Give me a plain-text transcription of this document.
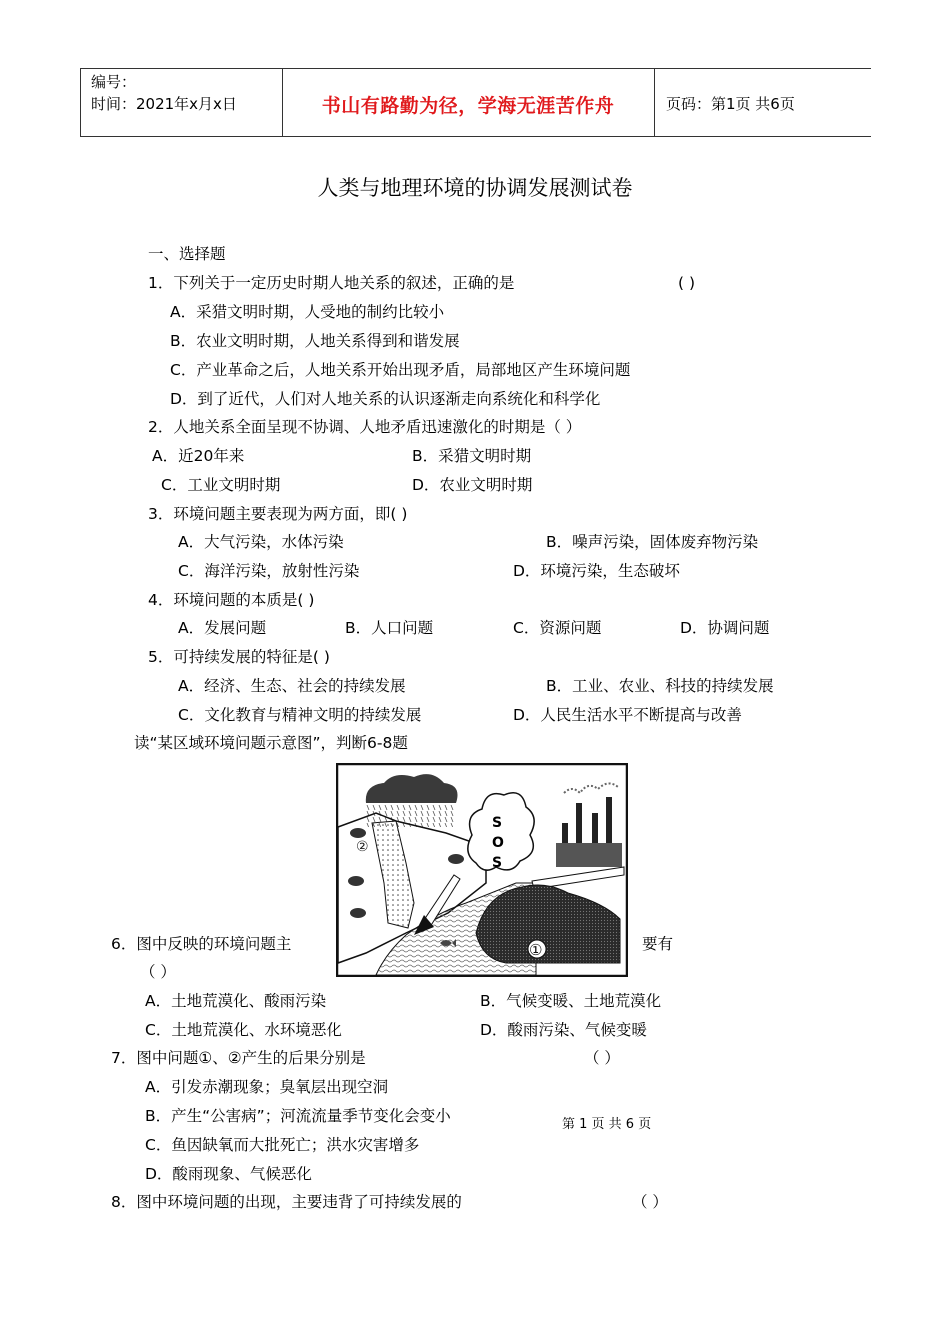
编号：
时间：2021年x月x日	书山有路勤为径，学海无涯苦作舟	页码：第1页 共6页
人类与地理环境的协调发展测试卷
一、选择题
1．下列关于一定历史时期人地关系的叙述，正确的是	( )
A．采猎文明时期，人受地的制约比较小
B．农业文明时期，人地关系得到和谐发展
C．产业革命之后，人地关系开始出现矛盾，局部地区产生环境问题
D．到了近代，人们对人地关系的认识逐渐走向系统化和科学化
2．人地关系全面呈现不协调、人地矛盾迅速激化的时期是（ ）
A．近20年来	B．采猎文明时期
C．工业文明时期	D．农业文明时期
3．环境问题主要表现为两方面，即( )
A．大气污染，水体污染	B．噪声污染，固体废弃物污染
C．海洋污染，放射性污染	D．环境污染，生态破坏
4．环境问题的本质是( )
A．发展问题	B．人口问题	C．资源问题	D．协调问题
5．可持续发展的特征是( )
A．经济、生态、社会的持续发展	B．工业、农业、科技的持续发展
C．文化教育与精神文明的持续发展	D．人民生活水平不断提高与改善
读“某区域环境问题示意图”，判断6-8题
②
S
O
S
①
6．图中反映的环境问题主	要有
（ ）
A．土地荒漠化、酸雨污染	B．气候变暖、土地荒漠化
C．土地荒漠化、水环境恶化	D．酸雨污染、气候变暖
7．图中问题①、②产生的后果分别是	（ ）
A．引发赤潮现象；臭氧层出现空洞
B．产生“公害病”；河流流量季节变化会变小
C．鱼因缺氧而大批死亡；洪水灾害增多
D．酸雨现象、气候恶化
第 1 页 共 6 页
8．图中环境问题的出现，主要违背了可持续发展的	（ ）
